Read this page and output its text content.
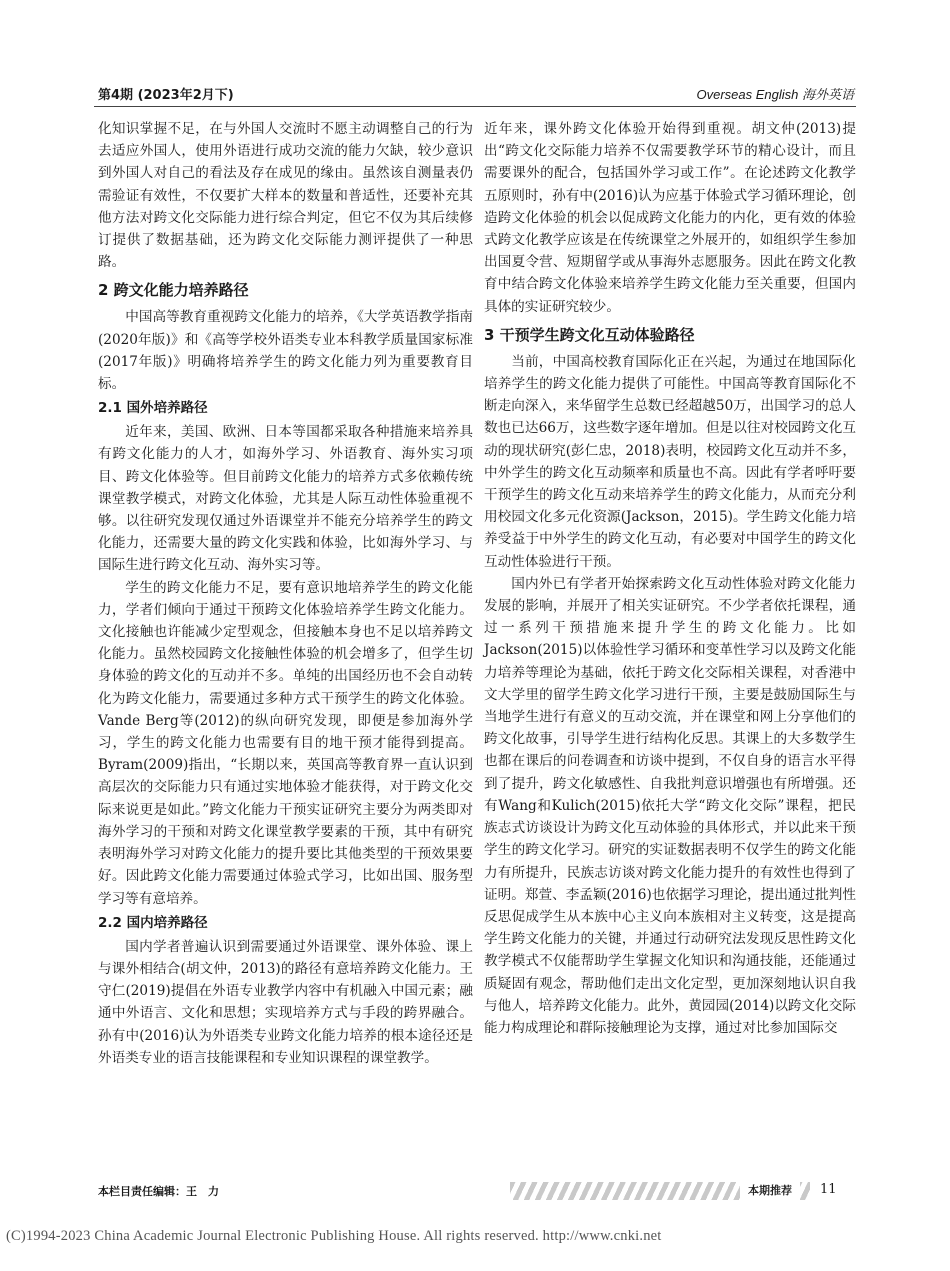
第4期 (2023年2月下)	Overseas English 海外英语

化知识掌握不足，在与外国人交流时不愿主动调整自己的行为去适应外国人，使用外语进行成功交流的能力欠缺，较少意识到外国人对自己的看法及存在成见的缘由。虽然该自测量表仍需验证有效性，不仅要扩大样本的数量和普适性，还要补充其他方法对跨文化交际能力进行综合判定，但它不仅为其后续修订提供了数据基础，还为跨文化交际能力测评提供了一种思路。

2 跨文化能力培养路径

中国高等教育重视跨文化能力的培养，《大学英语教学指南(2020年版)》和《高等学校外语类专业本科教学质量国家标准(2017年版)》明确将培养学生的跨文化能力列为重要教育目标。

2.1 国外培养路径

近年来，美国、欧洲、日本等国都采取各种措施来培养具有跨文化能力的人才，如海外学习、外语教育、海外实习项目、跨文化体验等。但目前跨文化能力的培养方式多依赖传统课堂教学模式，对跨文化体验，尤其是人际互动性体验重视不够。以往研究发现仅通过外语课堂并不能充分培养学生的跨文化能力，还需要大量的跨文化实践和体验，比如海外学习、与国际生进行跨文化互动、海外实习等。

学生的跨文化能力不足，要有意识地培养学生的跨文化能力，学者们倾向于通过干预跨文化体验培养学生跨文化能力。文化接触也许能减少定型观念，但接触本身也不足以培养跨文化能力。虽然校园跨文化接触性体验的机会增多了，但学生切身体验的跨文化的互动并不多。单纯的出国经历也不会自动转化为跨文化能力，需要通过多种方式干预学生的跨文化体验。Vande Berg等(2012)的纵向研究发现，即便是参加海外学习，学生的跨文化能力也需要有目的地干预才能得到提高。Byram(2009)指出，“长期以来，英国高等教育界一直认识到高层次的交际能力只有通过实地体验才能获得，对于跨文化交际来说更是如此。”跨文化能力干预实证研究主要分为两类即对海外学习的干预和对跨文化课堂教学要素的干预，其中有研究表明海外学习对跨文化能力的提升要比其他类型的干预效果要好。因此跨文化能力需要通过体验式学习，比如出国、服务型学习等有意培养。

2.2 国内培养路径

国内学者普遍认识到需要通过外语课堂、课外体验、课上与课外相结合(胡文仲，2013)的路径有意培养跨文化能力。王守仁(2019)提倡在外语专业教学内容中有机融入中国元素；融通中外语言、文化和思想；实现培养方式与手段的跨界融合。孙有中(2016)认为外语类专业跨文化能力培养的根本途径还是外语类专业的语言技能课程和专业知识课程的课堂教学。

近年来，课外跨文化体验开始得到重视。胡文仲(2013)提出“跨文化交际能力培养不仅需要教学环节的精心设计，而且需要课外的配合，包括国外学习或工作”。在论述跨文化教学五原则时，孙有中(2016)认为应基于体验式学习循环理论，创造跨文化体验的机会以促成跨文化能力的内化，更有效的体验式跨文化教学应该是在传统课堂之外展开的，如组织学生参加出国夏令营、短期留学或从事海外志愿服务。因此在跨文化教育中结合跨文化体验来培养学生跨文化能力至关重要，但国内具体的实证研究较少。

3 干预学生跨文化互动体验路径

当前，中国高校教育国际化正在兴起，为通过在地国际化培养学生的跨文化能力提供了可能性。中国高等教育国际化不断走向深入，来华留学生总数已经超越50万，出国学习的总人数也已达66万，这些数字逐年增加。但是以往对校园跨文化互动的现状研究(彭仁忠，2018)表明，校园跨文化互动并不多，中外学生的跨文化互动频率和质量也不高。因此有学者呼吁要干预学生的跨文化互动来培养学生的跨文化能力，从而充分利用校园文化多元化资源(Jackson，2015)。学生跨文化能力培养受益于中外学生的跨文化互动，有必要对中国学生的跨文化互动性体验进行干预。

国内外已有学者开始探索跨文化互动性体验对跨文化能力发展的影响，并展开了相关实证研究。不少学者依托课程，通过一系列干预措施来提升学生的跨文化能力。比如Jackson(2015)以体验性学习循环和变革性学习以及跨文化能力培养等理论为基础，依托于跨文化交际相关课程，对香港中文大学里的留学生跨文化学习进行干预，主要是鼓励国际生与当地学生进行有意义的互动交流，并在课堂和网上分享他们的跨文化故事，引导学生进行结构化反思。其课上的大多数学生也都在课后的问卷调查和访谈中提到，不仅自身的语言水平得到了提升，跨文化敏感性、自我批判意识增强也有所增强。还有Wang和Kulich(2015)依托大学“跨文化交际”课程，把民族志式访谈设计为跨文化互动体验的具体形式，并以此来干预学生的跨文化学习。研究的实证数据表明不仅学生的跨文化能力有所提升，民族志访谈对跨文化能力提升的有效性也得到了证明。郑萱、李孟颖(2016)也依据学习理论，提出通过批判性反思促成学生从本族中心主义向本族相对主义转变，这是提高学生跨文化能力的关键，并通过行动研究法发现反思性跨文化教学模式不仅能帮助学生掌握文化知识和沟通技能，还能通过质疑固有观念，帮助他们走出文化定型，更加深刻地认识自我与他人，培养跨文化能力。此外，黄园园(2014)以跨文化交际能力构成理论和群际接触理论为支撑，通过对比参加国际交

本栏目责任编辑：王　力	本期推荐	11
(C)1994-2023 China Academic Journal Electronic Publishing House. All rights reserved. http://www.cnki.net
